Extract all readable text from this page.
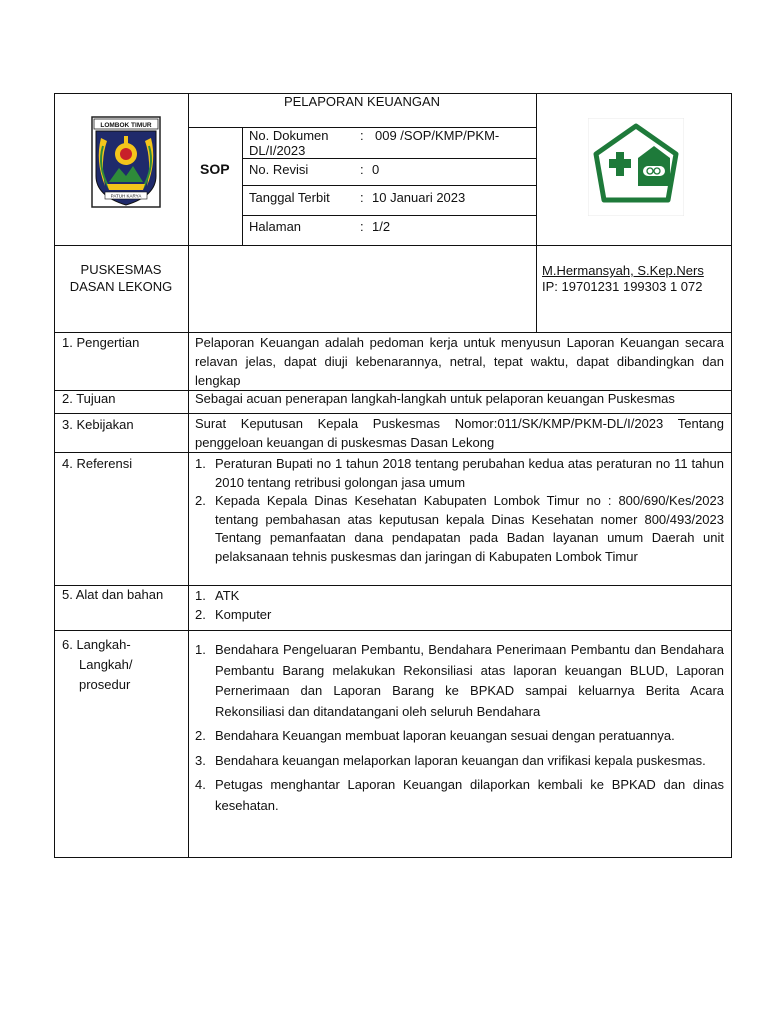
LOMBOK TIMUR
PATUH KARYA
PELAPORAN KEUANGAN
SOP
No. Dokumen : 009 /SOP/KMP/PKM-
DL/I/2023
No. Revisi	: 0
Tanggal Terbit : 10 Januari 2023
Halaman	: 1/2
PUSKESMAS
DASAN LEKONG
M.Hermansyah, S.Kep.Ners
IP: 19701231 199303 1 072
1. Pengertian	Pelaporan Keuangan adalah pedoman kerja untuk menyusun Laporan Keuangan secara relavan jelas, dapat diuji kebenarannya, netral, tepat waktu, dapat dibandingkan dan lengkap
2. Tujuan	Sebagai acuan penerapan langkah-langkah untuk pelaporan keuangan Puskesmas
3. Kebijakan	Surat Keputusan Kepala Puskesmas Nomor:011/SK/KMP/PKM-DL/I/2023 Tentang penggeloan keuangan di puskesmas Dasan Lekong
4. Referensi	1. Peraturan Bupati no 1 tahun 2018 tentang perubahan kedua atas peraturan no 11 tahun 2010 tentang retribusi golongan jasa umum
2. Kepada Kepala Dinas Kesehatan Kabupaten Lombok Timur no : 800/690/Kes/2023 tentang pembahasan atas keputusan kepala Dinas Kesehatan nomer 800/493/2023 Tentang pemanfaatan dana pendapatan pada Badan layanan umum Daerah unit pelaksanaan tehnis puskesmas dan jaringan di Kabupaten Lombok Timur
5. Alat dan bahan 1. ATK
2. Komputer
6. Langkah-
Langkah/
prosedur
1. Bendahara Pengeluaran Pembantu, Bendahara Penerimaan Pembantu dan Bendahara Pembantu Barang melakukan Rekonsiliasi atas laporan keuangan BLUD, Laporan Pernerimaan dan Laporan Barang ke BPKAD sampai keluarnya Berita Acara Rekonsiliasi dan ditandatangani oleh seluruh Bendahara
2. Bendahara Keuangan membuat laporan keuangan sesuai dengan peratuannya.
3. Bendahara keuangan melaporkan laporan keuangan dan vrifikasi kepala puskesmas.
4. Petugas menghantar Laporan Keuangan dilaporkan kembali ke BPKAD dan dinas kesehatan.
